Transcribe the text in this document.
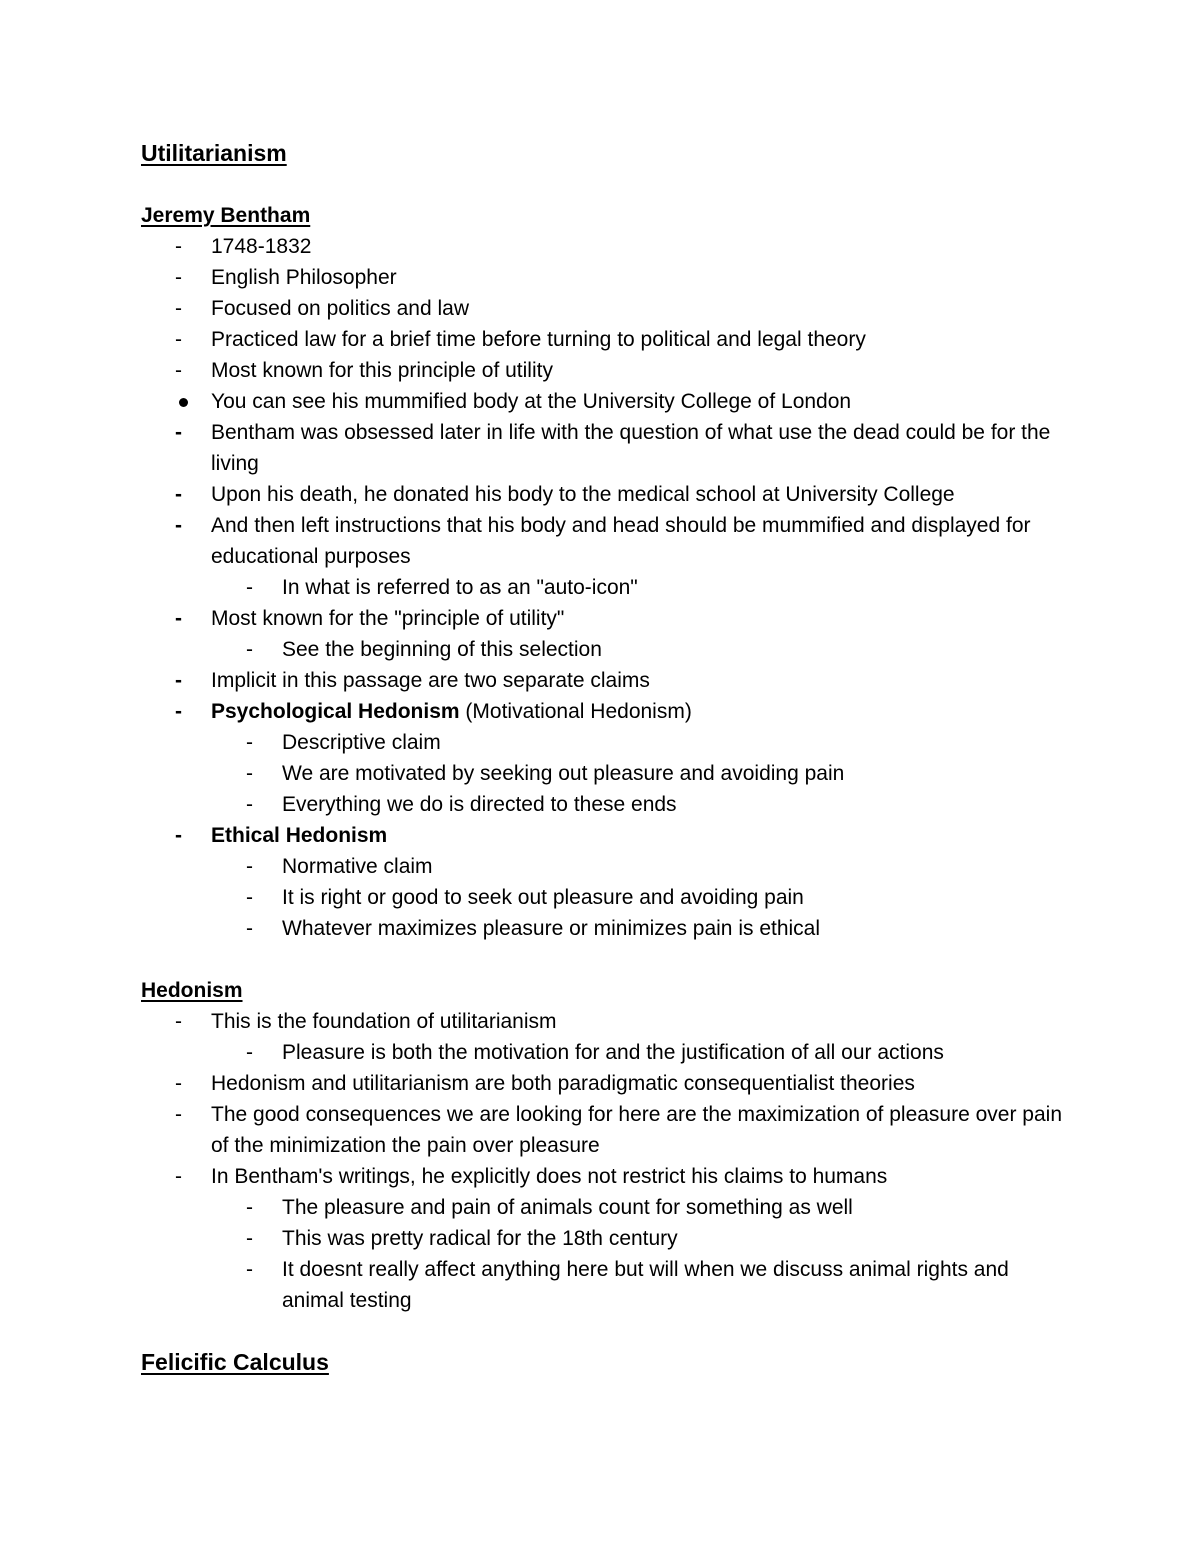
Utilitarianism
Jeremy Bentham
-	1748-1832
-	English Philosopher
-	Focused on politics and law
-	Practiced law for a brief time before turning to political and legal theory
-	Most known for this principle of utility
You can see his mummified body at the University College of London
-	Bentham was obsessed later in life with the question of what use the dead could be for the living
-	Upon his death, he donated his body to the medical school at University College
-	And then left instructions that his body and head should be mummified and displayed for educational purposes
-	In what is referred to as an "auto-icon"
-	Most known for the "principle of utility"
-	See the beginning of this selection
-	Implicit in this passage are two separate claims
-	Psychological Hedonism (Motivational Hedonism)
-	Descriptive claim
-	We are motivated by seeking out pleasure and avoiding pain
-	Everything we do is directed to these ends
-	Ethical Hedonism
-	Normative claim
-	It is right or good to seek out pleasure and avoiding pain
-	Whatever maximizes pleasure or minimizes pain is ethical
Hedonism
-	This is the foundation of utilitarianism
-	Pleasure is both the motivation for and the justification of all our actions
-	Hedonism and utilitarianism are both paradigmatic consequentialist theories
-	The good consequences we are looking for here are the maximization of pleasure over pain of the minimization the pain over pleasure
-	In Bentham's writings, he explicitly does not restrict his claims to humans
-	The pleasure and pain of animals count for something as well
-	This was pretty radical for the 18th century
-	It doesnt really affect anything here but will when we discuss animal rights and animal testing
Felicific Calculus
